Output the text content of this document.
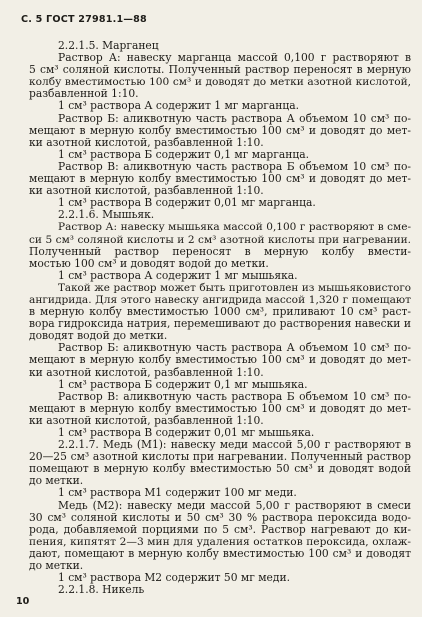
С. 5 ГОСТ 27981.1—88
2.2.1.5. Марганец
Раствор А: навеску марганца массой 0,100 г растворяют в
5 см³ соляной кислоты. Полученный раствор переносят в мерную
колбу вместимостью 100 см³ и доводят до метки азотной кислотой,
разбавленной 1:10.
1 см³ раствора А содержит 1 мг марганца.
Раствор Б: аликвотную часть раствора А объемом 10 см³ по-
мещают в мерную колбу вместимостью 100 см³ и доводят до мет-
ки азотной кислотой, разбавленной 1:10.
1 см³ раствора Б содержит 0,1 мг марганца.
Раствор В: аликвотную часть раствора Б объемом 10 см³ по-
мещают в мерную колбу вместимостью 100 см³ и доводят до мет-
ки азотной кислотой, разбавленной 1:10.
1 см³ раствора В содержит 0,01 мг марганца.
2.2.1.6. Мышьяк.
Раствор А: навеску мышьяка массой 0,100 г растворяют в сме-
си 5 см³ соляной кислоты и 2 см³ азотной кислоты при нагревании.
Полученный раствор переносят в мерную колбу вмести-
мостью 100 см³ и доводят водой до метки.
1 см³ раствора А содержит 1 мг мышьяка.
Такой же раствор может быть приготовлен из мышьяковистого
ангидрида. Для этого навеску ангидрида массой 1,320 г помещают
в мерную колбу вместимостью 1000 см³, приливают 10 см³ раст-
вора гидроксида натрия, перемешивают до растворения навески и
доводят водой до метки.
Раствор Б: аликвотную часть раствора А объемом 10 см³ по-
мещают в мерную колбу вместимостью 100 см³ и доводят до мет-
ки азотной кислотой, разбавленной 1:10.
1 см³ раствора Б содержит 0,1 мг мышьяка.
Раствор В: аликвотную часть раствора Б объемом 10 см³ по-
мещают в мерную колбу вместимостью 100 см³ и доводят до мет-
ки азотной кислотой, разбавленной 1:10.
1 см³ раствора В содержит 0,01 мг мышьяка.
2.2.1.7. Медь (М1): навеску меди массой 5,00 г растворяют в
20—25 см³ азотной кислоты при нагревании. Полученный раствор
помещают в мерную колбу вместимостью 50 см³ и доводят водой
до метки.
1 см³ раствора М1 содержит 100 мг меди.
Медь (М2): навеску меди массой 5,00 г растворяют в смеси
30 см³ соляной кислоты и 50 см³ 30 % раствора пероксида водо-
рода, добавляемой порциями по 5 см³. Раствор нагревают до ки-
пения, кипятят 2—3 мин для удаления остатков пероксида, охлаж-
дают, помещают в мерную колбу вместимостью 100 см³ и доводят
до метки.
1 см³ раствора М2 содержит 50 мг меди.
2.2.1.8. Никель
10
